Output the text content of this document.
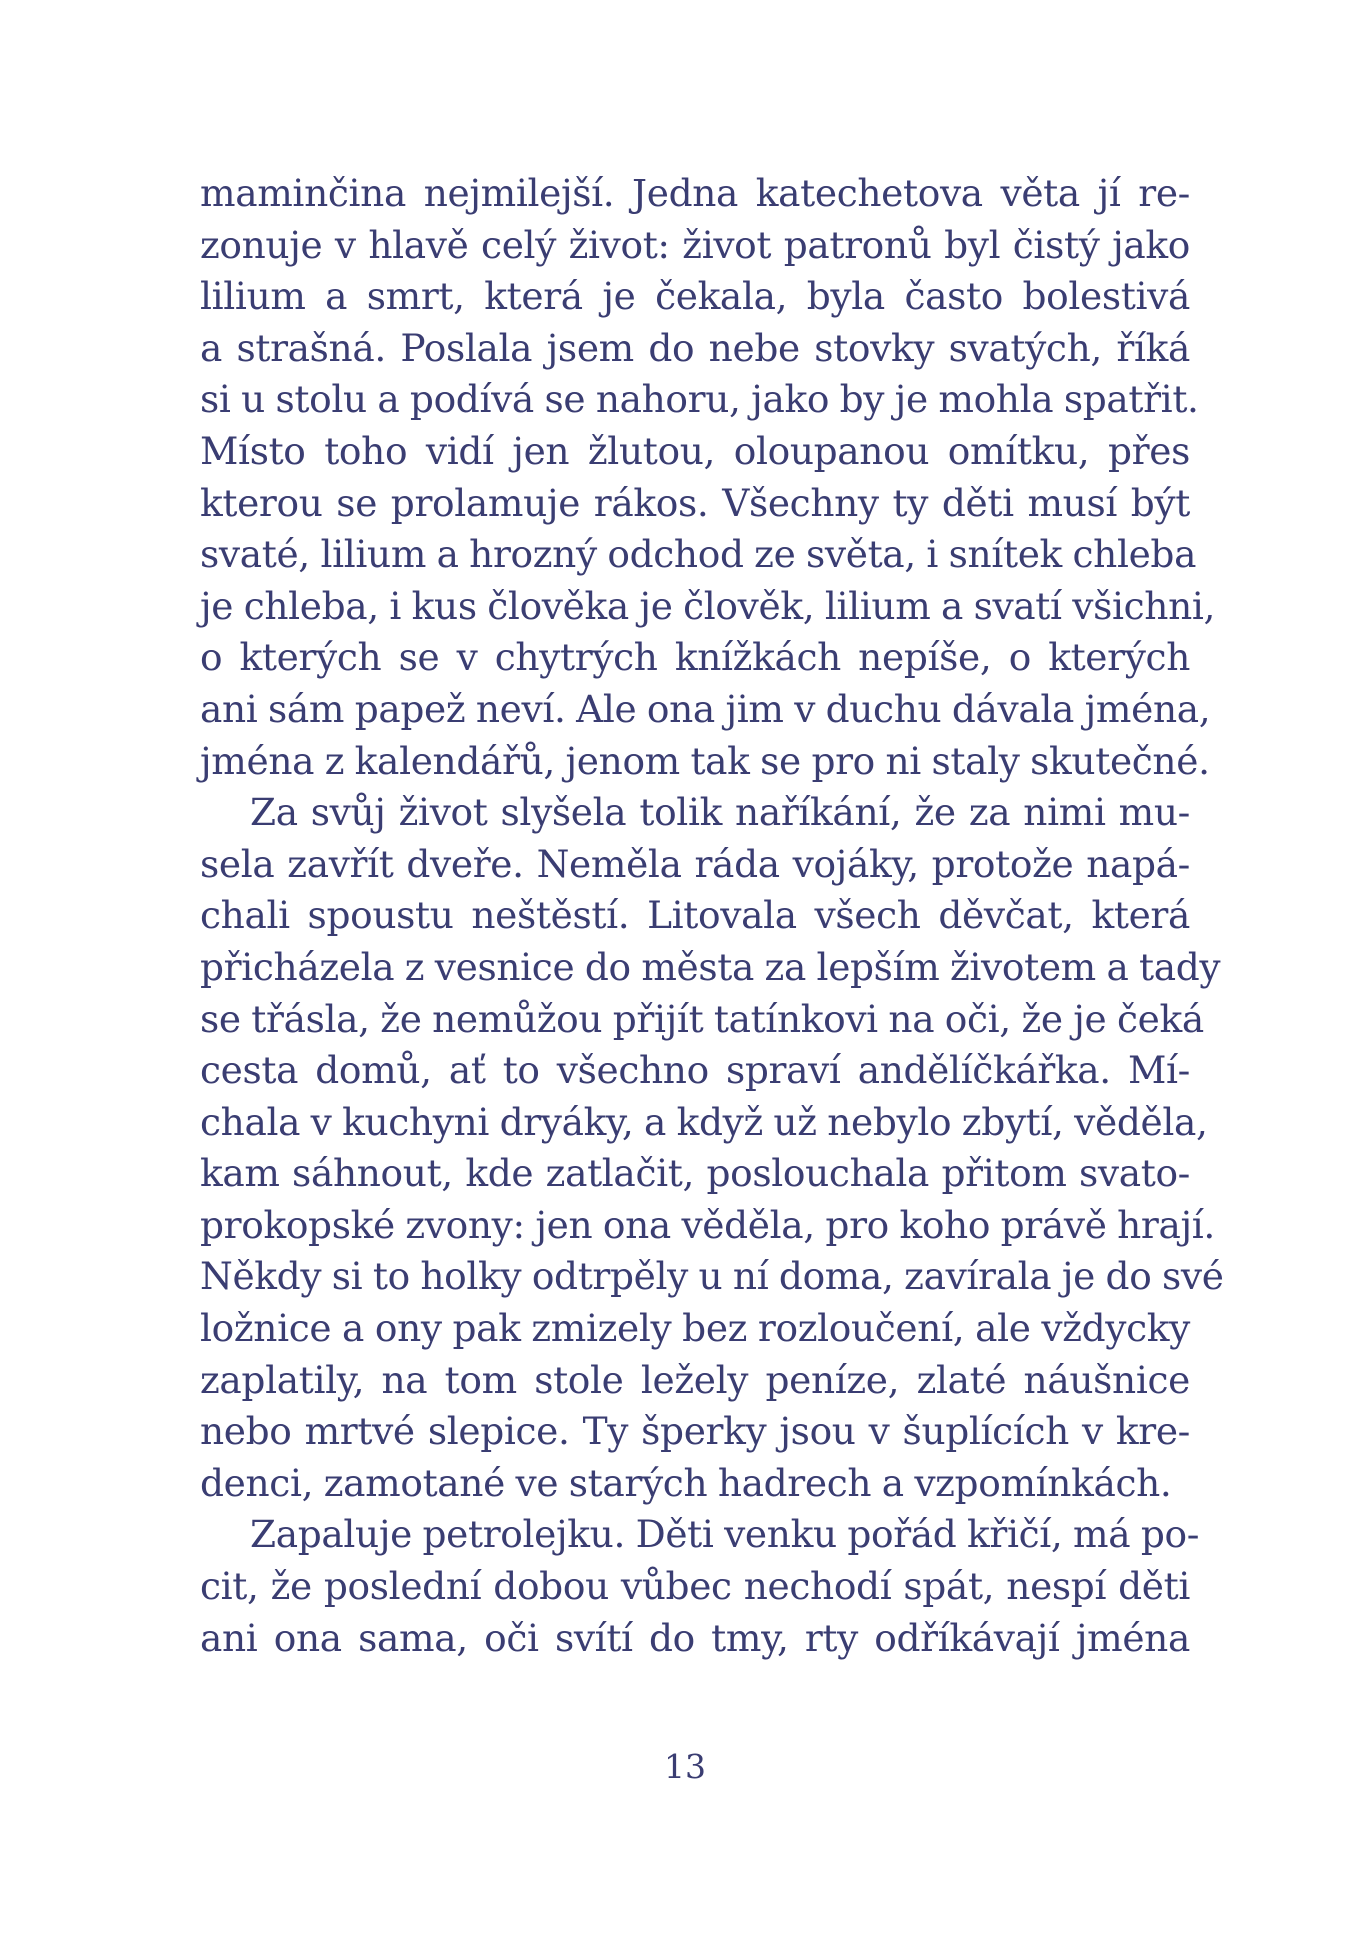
maminčina nejmilejší. Jedna katechetova věta jí re-
zonuje v hlavě celý život: život patronů byl čistý jako
lilium a smrt, která je čekala, byla často bolestivá
a strašná. Poslala jsem do nebe stovky svatých, říká
si u stolu a podívá se nahoru, jako by je mohla spatřit.
Místo toho vidí jen žlutou, oloupanou omítku, přes
kterou se prolamuje rákos. Všechny ty děti musí být
svaté, lilium a hrozný odchod ze světa, i snítek chleba
je chleba, i kus člověka je člověk, lilium a svatí všichni,
o kterých se v chytrých knížkách nepíše, o kterých
ani sám papež neví. Ale ona jim v duchu dávala jména,
jména z kalendářů, jenom tak se pro ni staly skutečné.
Za svůj život slyšela tolik naříkání, že za nimi mu-
sela zavřít dveře. Neměla ráda vojáky, protože napá-
chali spoustu neštěstí. Litovala všech děvčat, která
přicházela z vesnice do města za lepším životem a tady
se třásla, že nemůžou přijít tatínkovi na oči, že je čeká
cesta domů, ať to všechno spraví andělíčkářka. Mí-
chala v kuchyni dryáky, a když už nebylo zbytí, věděla,
kam sáhnout, kde zatlačit, poslouchala přitom svato-
prokopské zvony: jen ona věděla, pro koho právě hrají.
Někdy si to holky odtrpěly u ní doma, zavírala je do své
ložnice a ony pak zmizely bez rozloučení, ale vždycky
zaplatily, na tom stole ležely peníze, zlaté náušnice
nebo mrtvé slepice. Ty šperky jsou v šuplících v kre-
denci, zamotané ve starých hadrech a vzpomínkách.
Zapaluje petrolejku. Děti venku pořád křičí, má po-
cit, že poslední dobou vůbec nechodí spát, nespí děti
ani ona sama, oči svítí do tmy, rty odříkávají jména
13
